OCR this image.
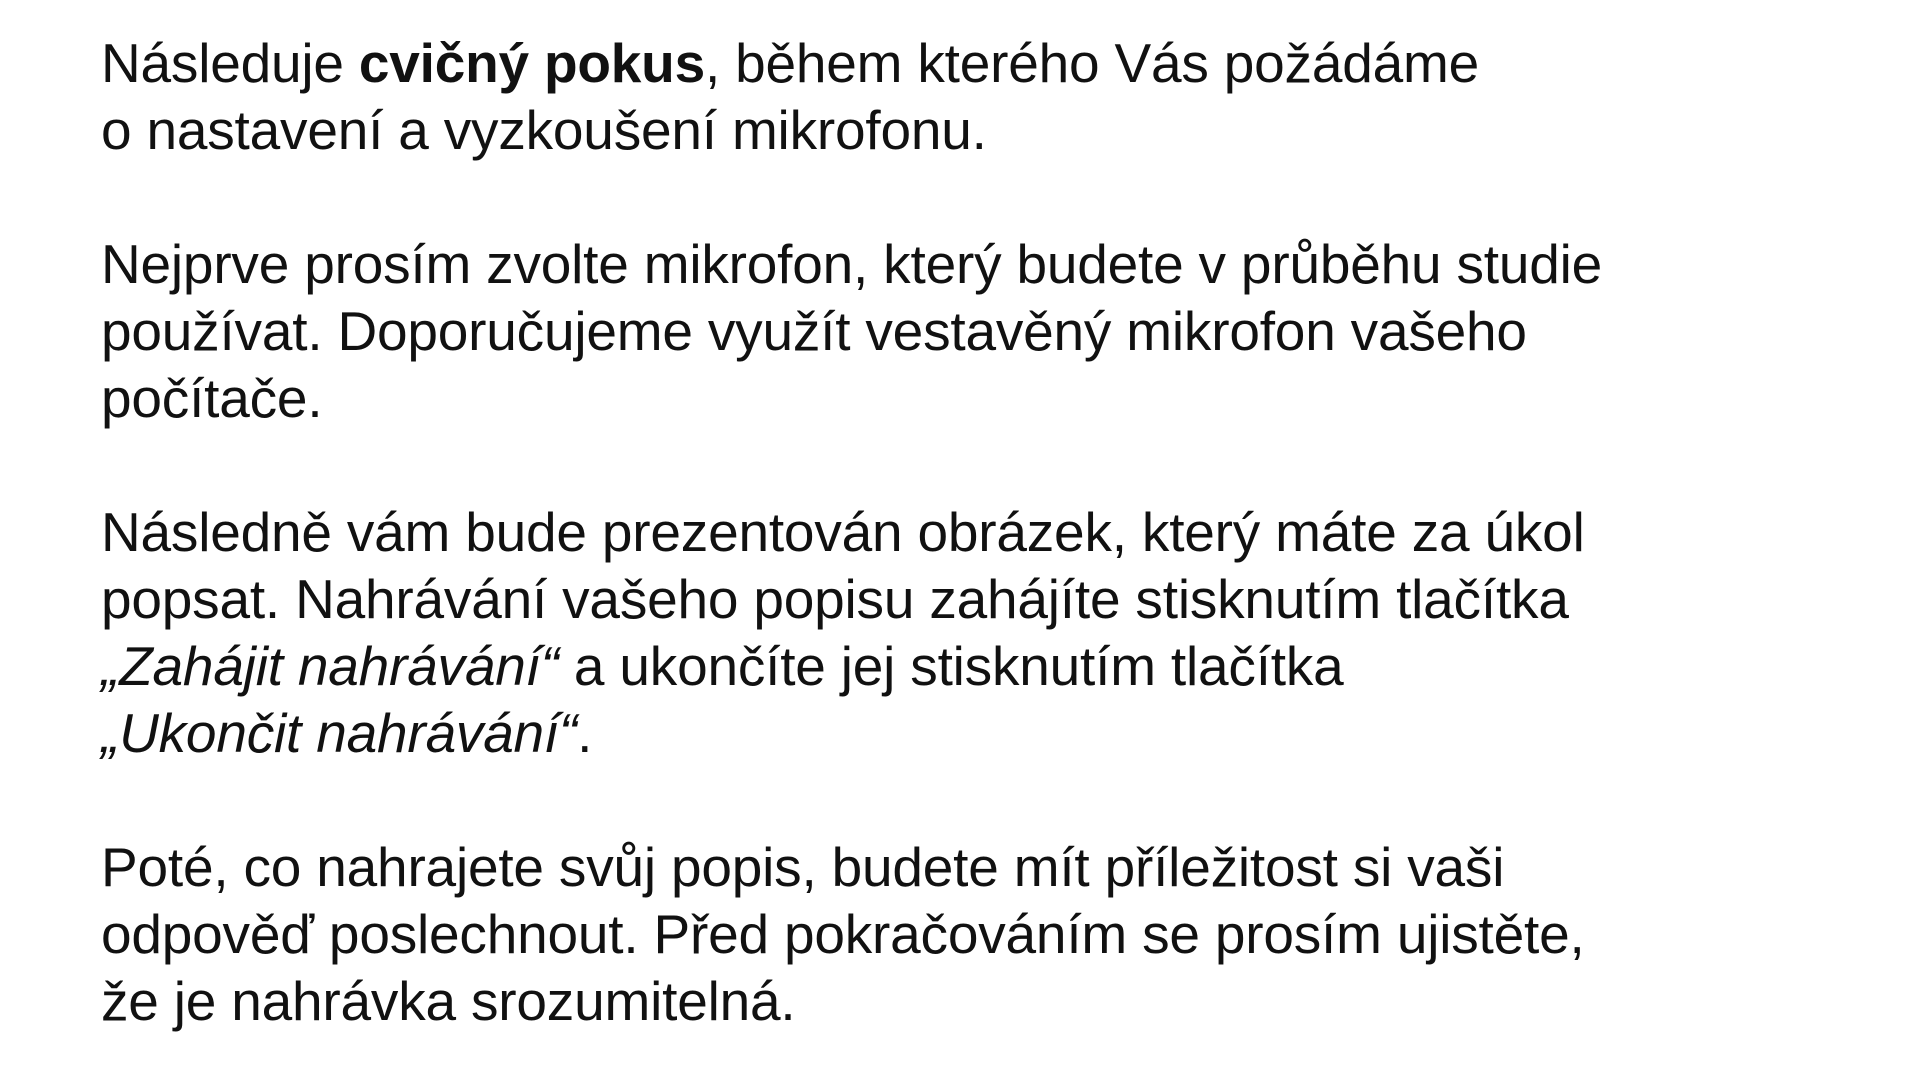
Následuje cvičný pokus, během kterého Vás požádáme
o nastavení a vyzkoušení mikrofonu.

Nejprve prosím zvolte mikrofon, který budete v průběhu studie
používat. Doporučujeme využít vestavěný mikrofon vašeho
počítače.

Následně vám bude prezentován obrázek, který máte za úkol
popsat. Nahrávání vašeho popisu zahájíte stisknutím tlačítka
„Zahájit nahrávání“ a ukončíte jej stisknutím tlačítka
„Ukončit nahrávání“.

Poté, co nahrajete svůj popis, budete mít příležitost si vaši
odpověď poslechnout. Před pokračováním se prosím ujistěte,
že je nahrávka srozumitelná.
